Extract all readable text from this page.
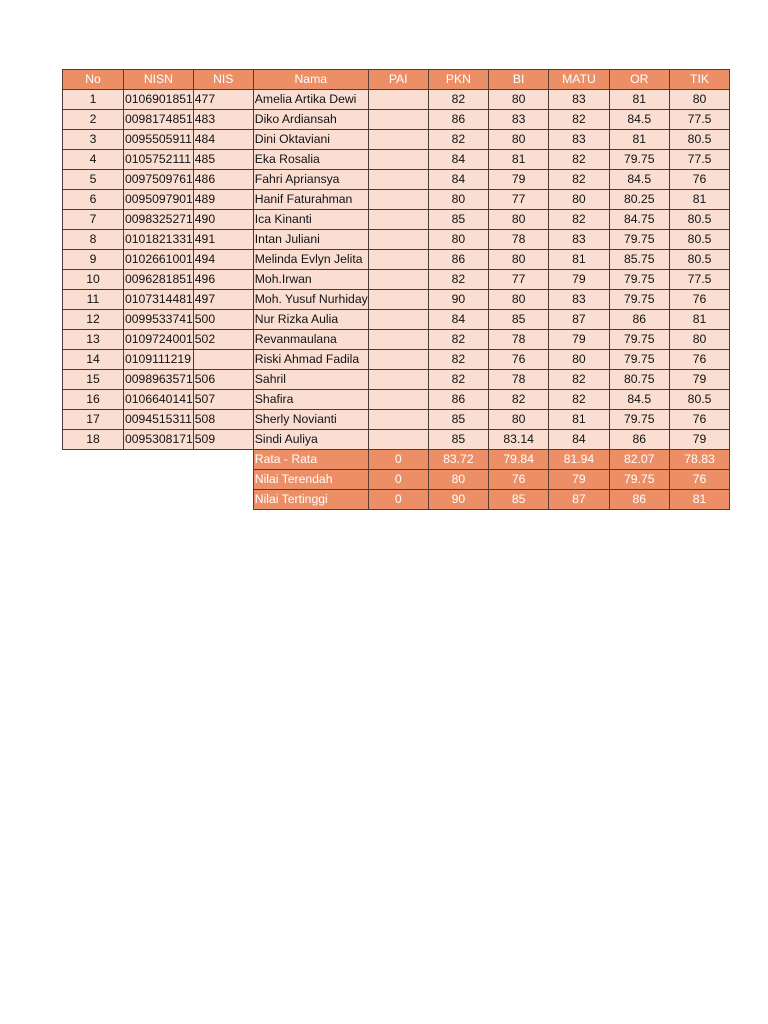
No	NISN	NIS	Nama	PAI	PKN	BI	MATU	OR	TIK
1	0106901851	477	Amelia Artika Dewi		82	80	83	81	80
2	0098174851	483	Diko Ardiansah		86	83	82	84.5	77.5
3	0095505911	484	Dini Oktaviani		82	80	83	81	80.5
4	0105752111	485	Eka Rosalia		84	81	82	79.75	77.5
5	0097509761	486	Fahri Apriansya		84	79	82	84.5	76
6	0095097901	489	Hanif Faturahman		80	77	80	80.25	81
7	0098325271	490	Ica Kinanti		85	80	82	84.75	80.5
8	0101821331	491	Intan Juliani		80	78	83	79.75	80.5
9	0102661001	494	Melinda Evlyn Jelita		86	80	81	85.75	80.5
10	0096281851	496	Moh.Irwan		82	77	79	79.75	77.5
11	0107314481	497	Moh. Yusuf Nurhiday		90	80	83	79.75	76
12	0099533741	500	Nur Rizka Aulia		84	85	87	86	81
13	0109724001	502	Revanmaulana		82	78	79	79.75	80
14	0109111219		Riski Ahmad Fadila		82	76	80	79.75	76
15	0098963571	506	Sahril		82	78	82	80.75	79
16	0106640141	507	Shafira		86	82	82	84.5	80.5
17	0094515311	508	Sherly Novianti		85	80	81	79.75	76
18	0095308171	509	Sindi Auliya		85	83.14	84	86	79
			Rata - Rata	0	83.72	79.84	81.94	82.07	78.83
			Nilai Terendah	0	80	76	79	79.75	76
			Nilai Tertinggi	0	90	85	87	86	81
